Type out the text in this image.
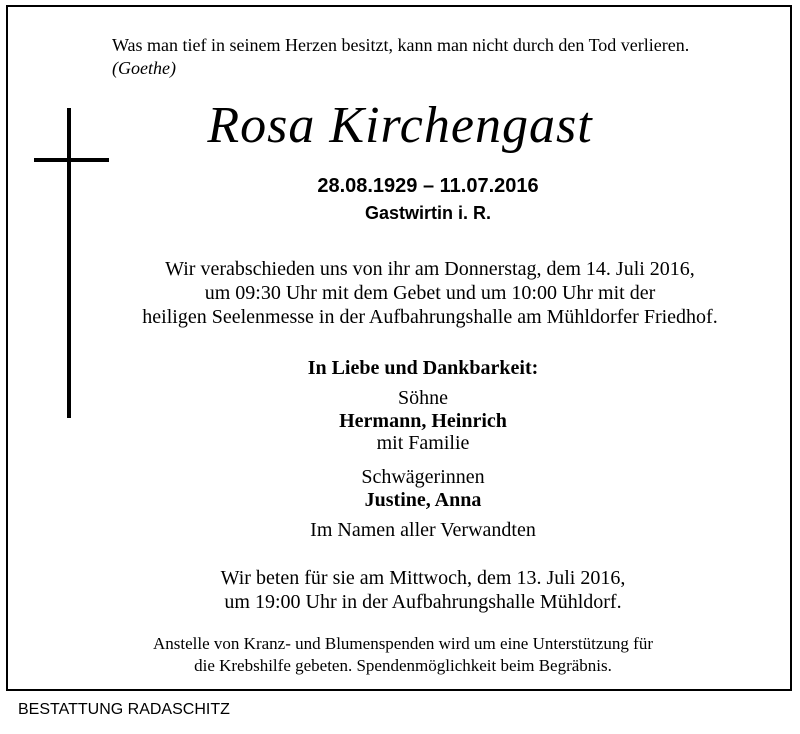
Was man tief in seinem Herzen besitzt, kann man nicht durch den Tod verlieren.
(Goethe)
Rosa Kirchengast
28.08.1929 – 11.07.2016
Gastwirtin i. R.
Wir verabschieden uns von ihr am Donnerstag, dem 14. Juli 2016,
um 09:30 Uhr mit dem Gebet und um 10:00 Uhr mit der
heiligen Seelenmesse in der Aufbahrungshalle am Mühldorfer Friedhof.
In Liebe und Dankbarkeit:
Söhne
Hermann, Heinrich
mit Familie
Schwägerinnen
Justine, Anna
Im Namen aller Verwandten
Wir beten für sie am Mittwoch, dem 13. Juli 2016,
um 19:00 Uhr in der Aufbahrungshalle Mühldorf.
Anstelle von Kranz- und Blumenspenden wird um eine Unterstützung für
die Krebshilfe gebeten. Spendenmöglichkeit beim Begräbnis.
BESTATTUNG RADASCHITZ
